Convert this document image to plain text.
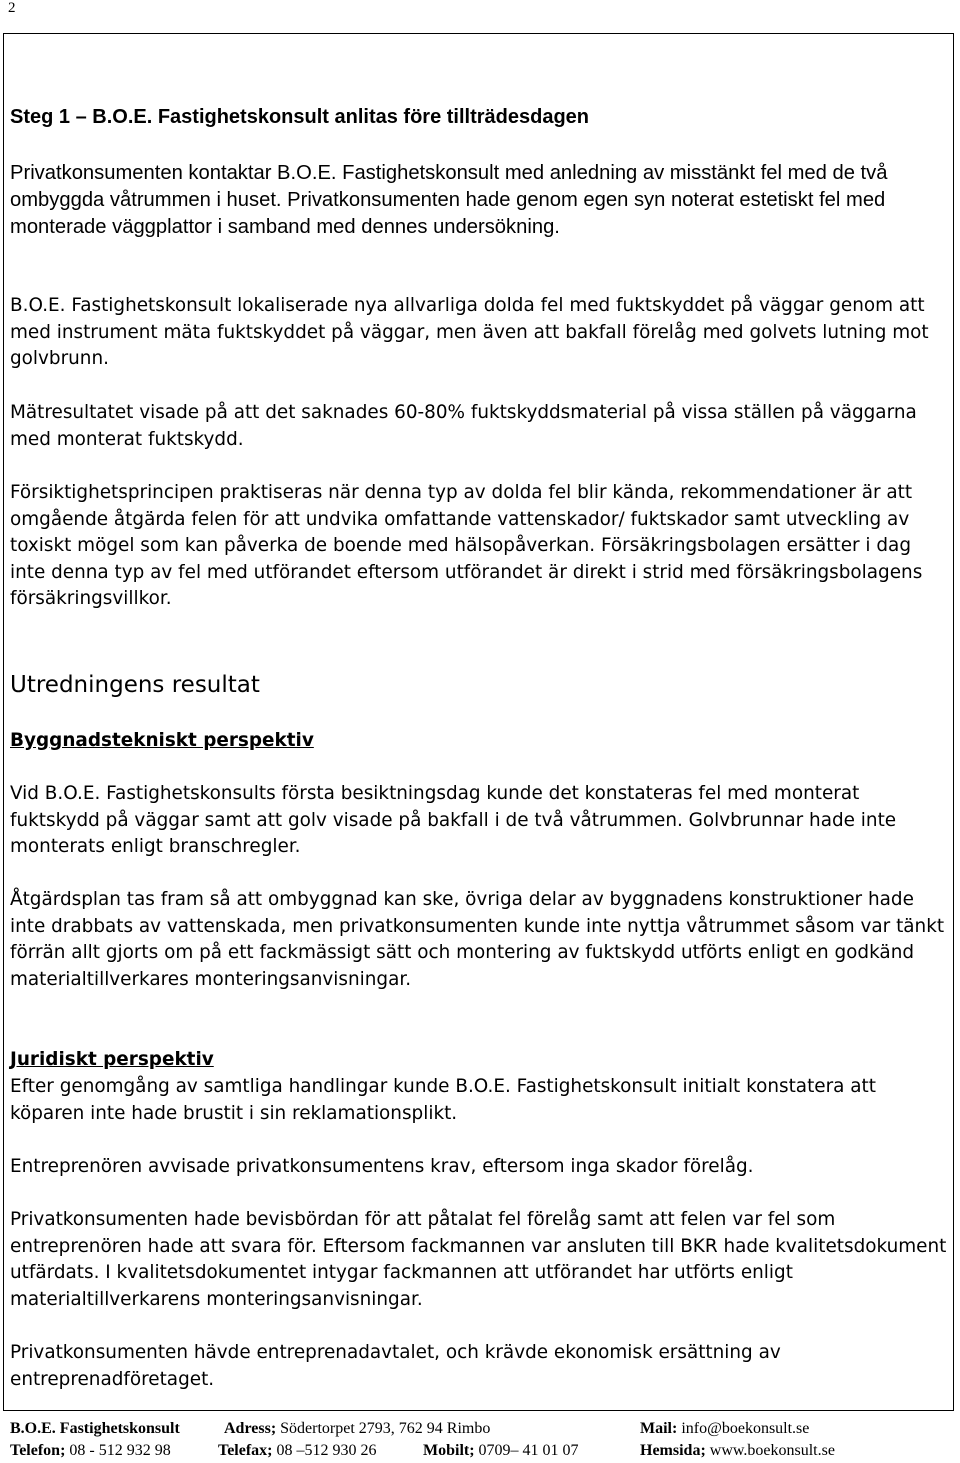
2

Steg 1 – B.O.E. Fastighetskonsult anlitas före tillträdesdagen

Privatkonsumenten kontaktar B.O.E. Fastighetskonsult med anledning av misstänkt fel med de två ombyggda våtrummen i huset. Privatkonsumenten hade genom egen syn noterat estetiskt fel med monterade väggplattor i samband med dennes undersökning.

B.O.E. Fastighetskonsult lokaliserade nya allvarliga dolda fel med fuktskyddet på väggar genom att med instrument mäta fuktskyddet på väggar, men även att bakfall förelåg med golvets lutning mot golvbrunn.

Mätresultatet visade på att det saknades 60-80% fuktskyddsmaterial på vissa ställen på väggarna med monterat fuktskydd.

Försiktighetsprincipen praktiseras när denna typ av dolda fel blir kända, rekommendationer är att omgående åtgärda felen för att undvika omfattande vattenskador/ fuktskador samt utveckling av toxiskt mögel som kan påverka de boende med hälsopåverkan. Försäkringsbolagen ersätter i dag inte denna typ av fel med utförandet eftersom utförandet är direkt i strid med försäkringsbolagens försäkringsvillkor.

Utredningens resultat

Byggnadstekniskt perspektiv

Vid B.O.E. Fastighetskonsults första besiktningsdag kunde det konstateras fel med monterat fuktskydd på väggar samt att golv visade på bakfall i de två våtrummen. Golvbrunnar hade inte monterats enligt branschregler.

Åtgärdsplan tas fram så att ombyggnad kan ske, övriga delar av byggnadens konstruktioner hade inte drabbats av vattenskada, men privatkonsumenten kunde inte nyttja våtrummet såsom var tänkt förrän allt gjorts om på ett fackmässigt sätt och montering av fuktskydd utförts enligt en godkänd materialtillverkares monteringsanvisningar.

Juridiskt perspektiv

Efter genomgång av samtliga handlingar kunde B.O.E. Fastighetskonsult initialt konstatera att köparen inte hade brustit i sin reklamationsplikt.

Entreprenören avvisade privatkonsumentens krav, eftersom inga skador förelåg.

Privatkonsumenten hade bevisbördan för att påtalat fel förelåg samt att felen var fel som entreprenören hade att svara för. Eftersom fackmannen var ansluten till BKR hade kvalitetsdokument utfärdats. I kvalitetsdokumentet intygar fackmannen att utförandet har utförts enligt materialtillverkarens monteringsanvisningar.

Privatkonsumenten hävde entreprenadavtalet, och krävde ekonomisk ersättning av entreprenadföretaget.

B.O.E. Fastighetskonsult	Adress; Södertorpet 2793, 762 94 Rimbo	Mail: info@boekonsult.se
Telefon; 08 - 512 932 98	Telefax; 08 –512 930 26	Mobilt; 0709– 41 01 07	Hemsida; www.boekonsult.se
